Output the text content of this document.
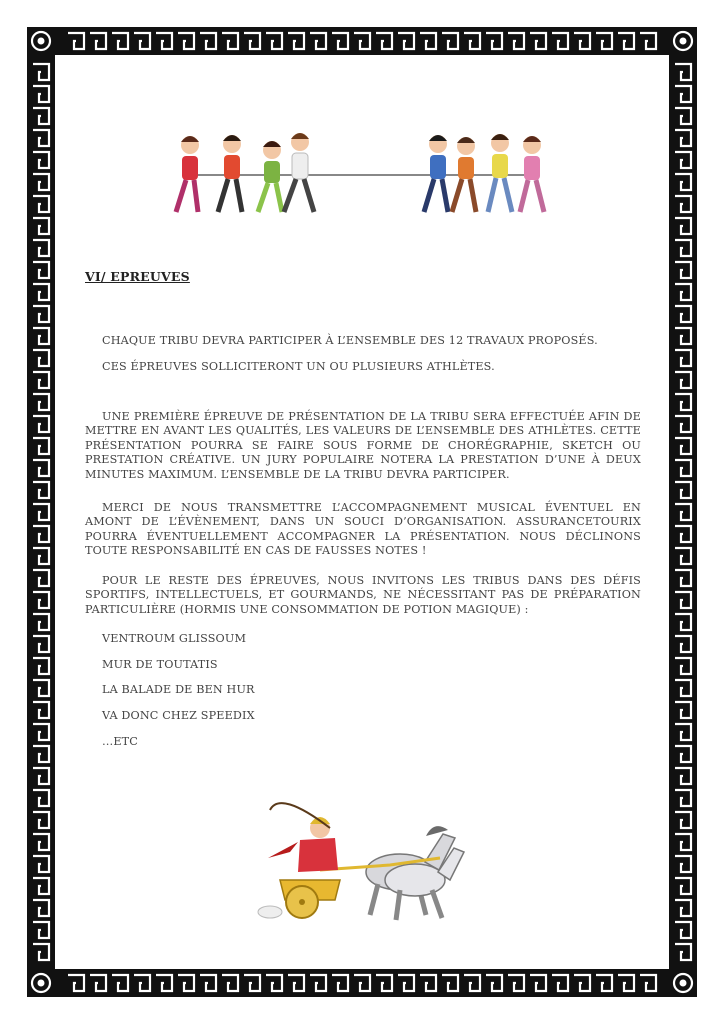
VI/ EPREUVES
CHAQUE TRIBU DEVRA PARTICIPER À L’ENSEMBLE DES 12 TRAVAUX PROPOSÉS.
CES ÉPREUVES SOLLICITERONT UN OU PLUSIEURS ATHLÈTES.
UNE PREMIÈRE ÉPREUVE DE PRÉSENTATION DE LA TRIBU SERA EFFECTUÉE AFIN DE METTRE EN AVANT LES QUALITÉS, LES VALEURS DE L’ENSEMBLE DES ATHLÈTES. CETTE PRÉSENTATION POURRA SE FAIRE SOUS FORME DE CHORÉGRAPHIE, SKETCH OU PRESTATION CRÉATIVE. UN JURY POPULAIRE NOTERA LA PRESTATION D’UNE À DEUX MINUTES MAXIMUM. L’ENSEMBLE DE LA TRIBU DEVRA PARTICIPER.
MERCI DE NOUS TRANSMETTRE L’ACCOMPAGNEMENT MUSICAL ÉVENTUEL EN AMONT DE L’ÉVÈNEMENT, DANS UN SOUCI D’ORGANISATION. ASSURANCETOURIX POURRA ÉVENTUELLEMENT ACCOMPAGNER LA PRÉSENTATION. NOUS DÉCLINONS TOUTE RESPONSABILITÉ EN CAS DE FAUSSES NOTES !
POUR LE RESTE DES ÉPREUVES, NOUS INVITONS LES TRIBUS DANS DES DÉFIS SPORTIFS, INTELLECTUELS, ET GOURMANDS, NE NÉCESSITANT PAS DE PRÉPARATION PARTICULIÈRE (HORMIS UNE CONSOMMATION DE POTION MAGIQUE) :
VENTROUM GLISSOUM
MUR DE TOUTATIS
LA BALADE DE BEN HUR
VA DONC CHEZ SPEEDIX
…ETC
